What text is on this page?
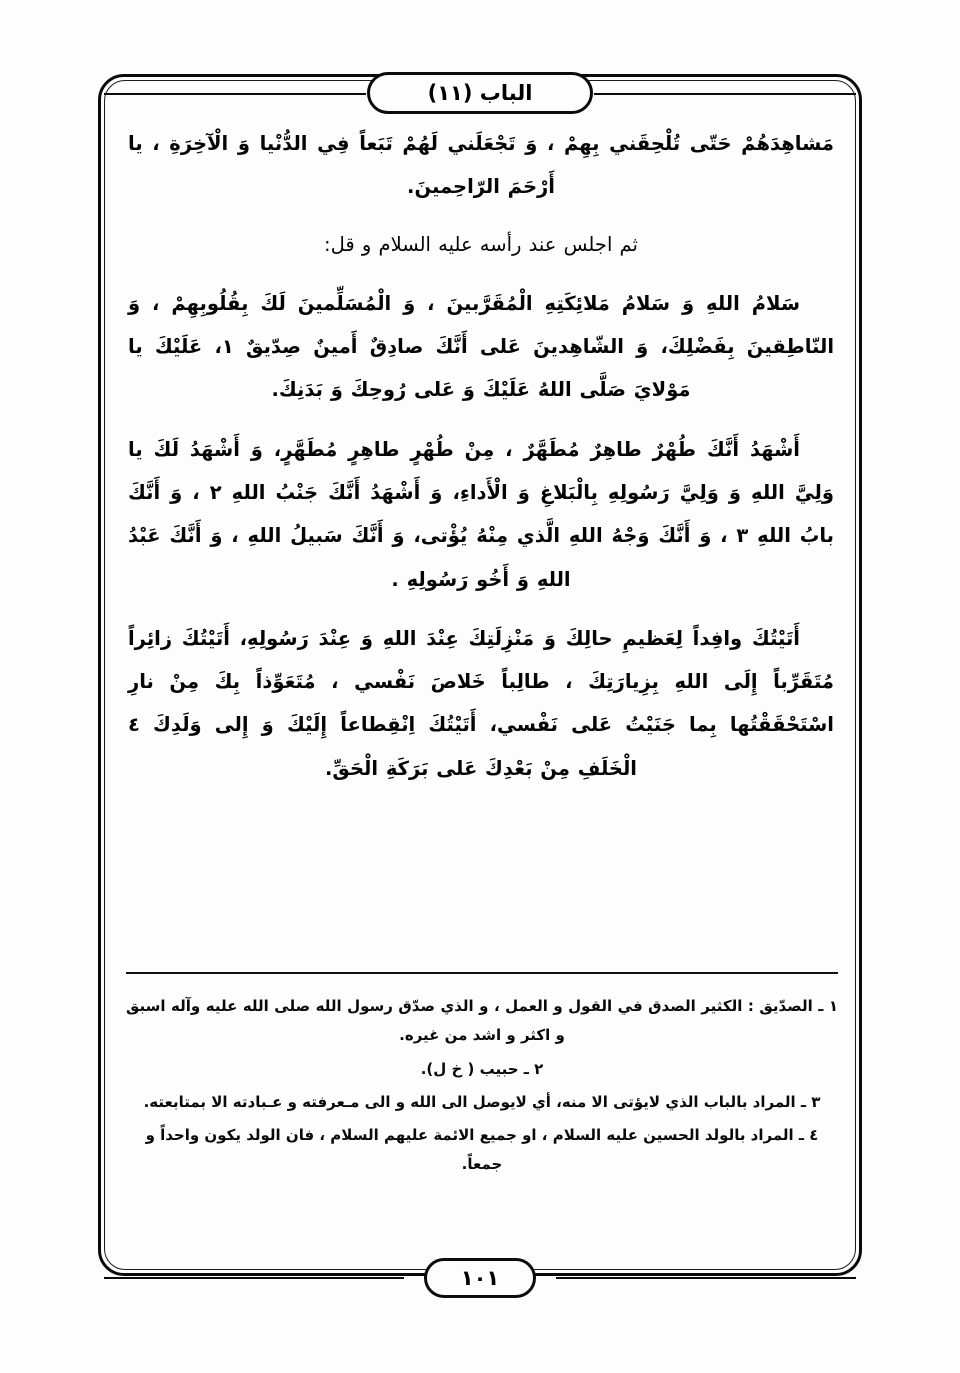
الباب (١١)

مَشاهِدَهُمْ حَتّى تُلْحِقَني بِهِمْ ، وَ تَجْعَلَني لَهُمْ تَبَعاً فِي الدُّنْيا وَ الْآخِرَةِ ، يا أَرْحَمَ الرّاحِمينَ.

ثم اجلس عند رأسه عليه السلام و قل:

سَلامُ اللهِ وَ سَلامُ مَلائِكَتِهِ الْمُقَرَّبينَ ، وَ الْمُسَلِّمينَ لَكَ بِقُلُوبِهِمْ ، وَ النّاطِقينَ بِفَضْلِكَ، وَ الشّاهِدينَ عَلى أَنَّكَ صادِقٌ أَمينٌ صِدّيقٌ ١، عَلَيْكَ يا مَوْلايَ صَلَّى اللهُ عَلَيْكَ وَ عَلى رُوحِكَ وَ بَدَنِكَ.

أَشْهَدُ أَنَّكَ طُهْرٌ طاهِرٌ مُطَهَّرٌ ، مِنْ طُهْرٍ طاهِرٍ مُطَهَّرٍ، وَ أَشْهَدُ لَكَ يا وَلِيَّ اللهِ وَ وَلِيَّ رَسُولِهِ بِالْبَلاغِ وَ الْأَداءِ، وَ أَشْهَدُ أَنَّكَ جَنْبُ اللهِ ٢ ، وَ أَنَّكَ بابُ اللهِ ٣ ، وَ أَنَّكَ وَجْهُ اللهِ الَّذي مِنْهُ يُؤْتى، وَ أَنَّكَ سَبيلُ اللهِ ، وَ أَنَّكَ عَبْدُ اللهِ وَ أَخُو رَسُولِهِ .

أَتَيْتُكَ وافِداً لِعَظيمِ حالِكَ وَ مَنْزِلَتِكَ عِنْدَ اللهِ وَ عِنْدَ رَسُولِهِ، أَتَيْتُكَ زائِراً مُتَقَرِّباً إِلَى اللهِ بِزِيارَتِكَ ، طالِباً خَلاصَ نَفْسي ، مُتَعَوِّذاً بِكَ مِنْ نارِ اسْتَحْقَقْتُها بِما جَنَيْتُ عَلى نَفْسي، أَتَيْتُكَ اِنْقِطاعاً إِلَيْكَ وَ إِلى وَلَدِكَ ٤ الْخَلَفِ مِنْ بَعْدِكَ عَلى بَرَكَةِ الْحَقِّ.

١ ـ الصدّيق : الكثير الصدق في القول و العمل ، و الذي صدّق رسول الله صلى الله عليه وآله اسبق و اكثر و اشد من غيره.

٢ ـ حبيب ( خ ل).

٣ ـ المراد بالباب الذي لايؤتى الا منه، أي لايوصل الى الله و الى مـعرفته و عـبادته الا بمتابعته.

٤ ـ المراد بالولد الحسين عليه السلام ، او جميع الائمة عليهم السلام ، فان الولد يكون واحداً و جمعاً.

١٠١
